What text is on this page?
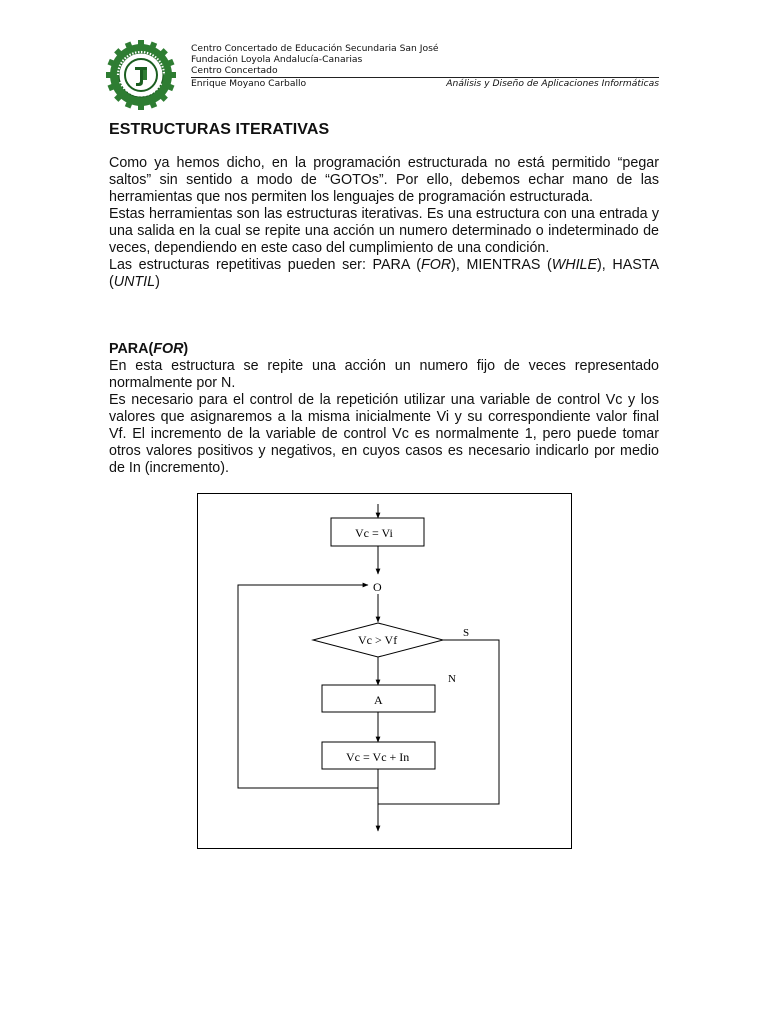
Centro Concertado de Educación Secundaria San José
Fundación Loyola Andalucía-Canarias
Centro Concertado
Enrique Moyano Carballo	Análisis y Diseño de Aplicaciones Informáticas
ESTRUCTURAS ITERATIVAS

Como ya hemos dicho, en la programación estructurada no está permitido “pegar saltos” sin sentido a modo de “GOTOs”. Por ello, debemos echar mano de las herramientas que nos permiten los lenguajes de programación estructurada.

Estas herramientas son las estructuras iterativas. Es una estructura con una entrada y una salida en la cual se repite una acción un numero determinado o indeterminado de veces, dependiendo en este caso del cumplimiento de una condición.

Las estructuras repetitivas pueden ser: PARA (FOR), MIENTRAS (WHILE), HASTA (UNTIL)

PARA(FOR)

En esta estructura se repite una acción un numero fijo de veces representado normalmente por N.

Es necesario para el control de la repetición utilizar una variable de control Vc y los valores que asignaremos a la misma inicialmente Vi y su correspondiente valor final Vf. El incremento de la variable de control Vc es normalmente 1, pero puede tomar otros valores positivos y negativos, en cuyos casos es necesario indicarlo por medio de In (incremento).

Vc = Vi
O
Vc > Vf	S
N
A
Vc = Vc + In
